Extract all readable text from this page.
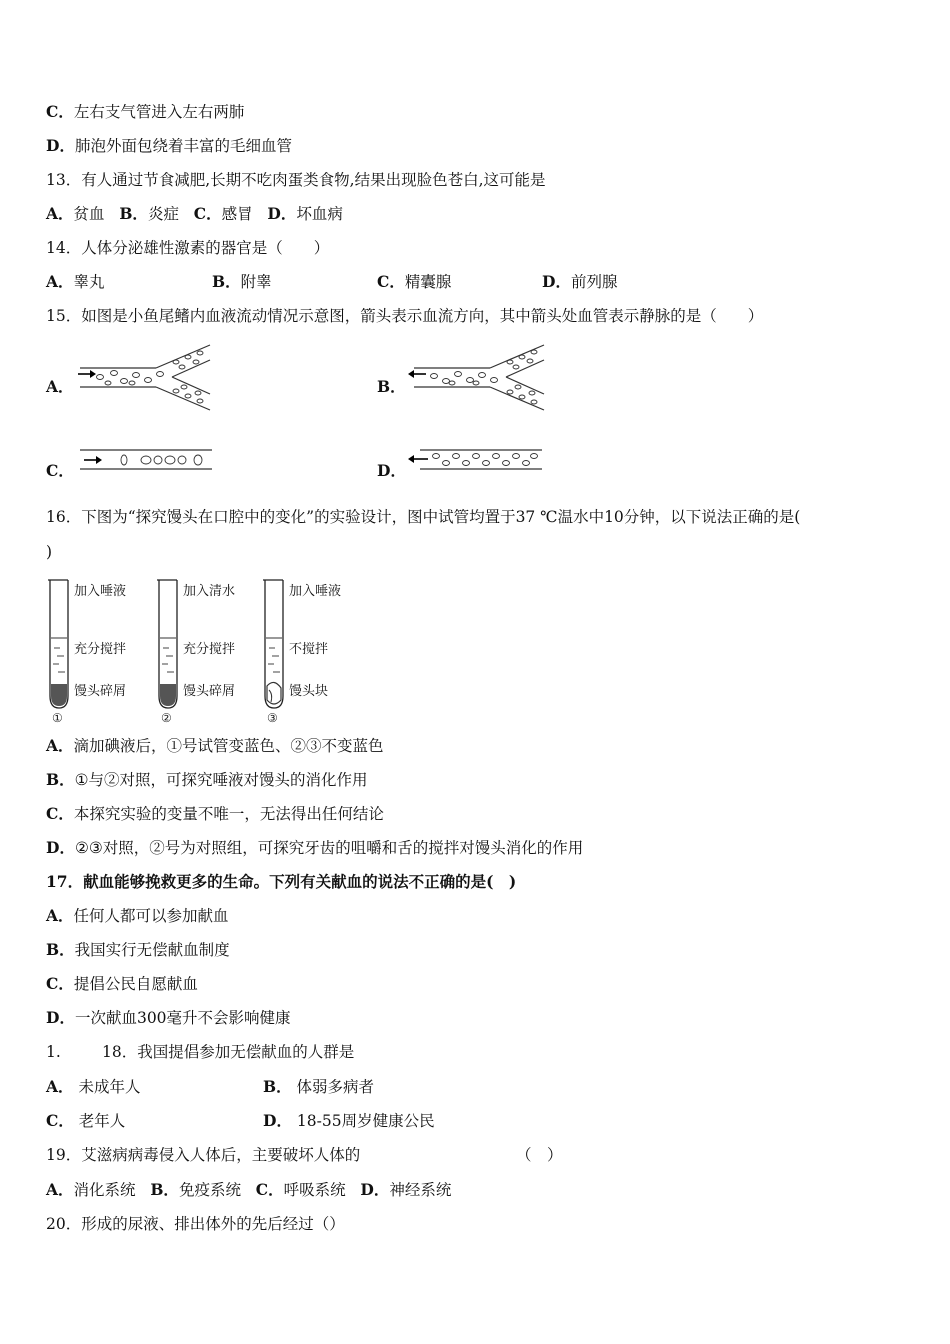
C．左右支气管进入左右两肺
D．肺泡外面包绕着丰富的毛细血管
13．有人通过节食减肥,长期不吃肉蛋类食物,结果出现脸色苍白,这可能是
A．贫血 B．炎症 C．感冒 D．坏血病
14．人体分泌雄性激素的器官是（　　）
A．睾丸	B．附睾	C．精囊腺	D．前列腺
15．如图是小鱼尾鳍内血液流动情况示意图，箭头表示血流方向，其中箭头处血管表示静脉的是（　　）
A．	B．
C．	D．
16．下图为“探究馒头在口腔中的变化”的实验设计，图中试管均置于37 ℃温水中10分钟，以下说法正确的是(
)
①
加入唾液
充分搅拌
馒头碎屑
②
加入清水
充分搅拌
馒头碎屑
③
加入唾液
不搅拌
馒头块
A．滴加碘液后，①号试管变蓝色、②③不变蓝色
B．①与②对照，可探究唾液对馒头的消化作用
C．本探究实验的变量不唯一，无法得出任何结论
D．②③对照，②号为对照组，可探究牙齿的咀嚼和舌的搅拌对馒头消化的作用
17．献血能够挽救更多的生命。下列有关献血的说法不正确的是(　)
A．任何人都可以参加献血
B．我国实行无偿献血制度
C．提倡公民自愿献血
D．一次献血300毫升不会影响健康
1.	18．我国提倡参加无偿献血的人群是
A． 未成年人	B． 体弱多病者
C． 老年人	D． 18-55周岁健康公民
19．艾滋病病毒侵入人体后，主要破坏人体的	（　）
A．消化系统 B．免疫系统 C．呼吸系统 D．神经系统
20．形成的尿液、排出体外的先后经过（）
